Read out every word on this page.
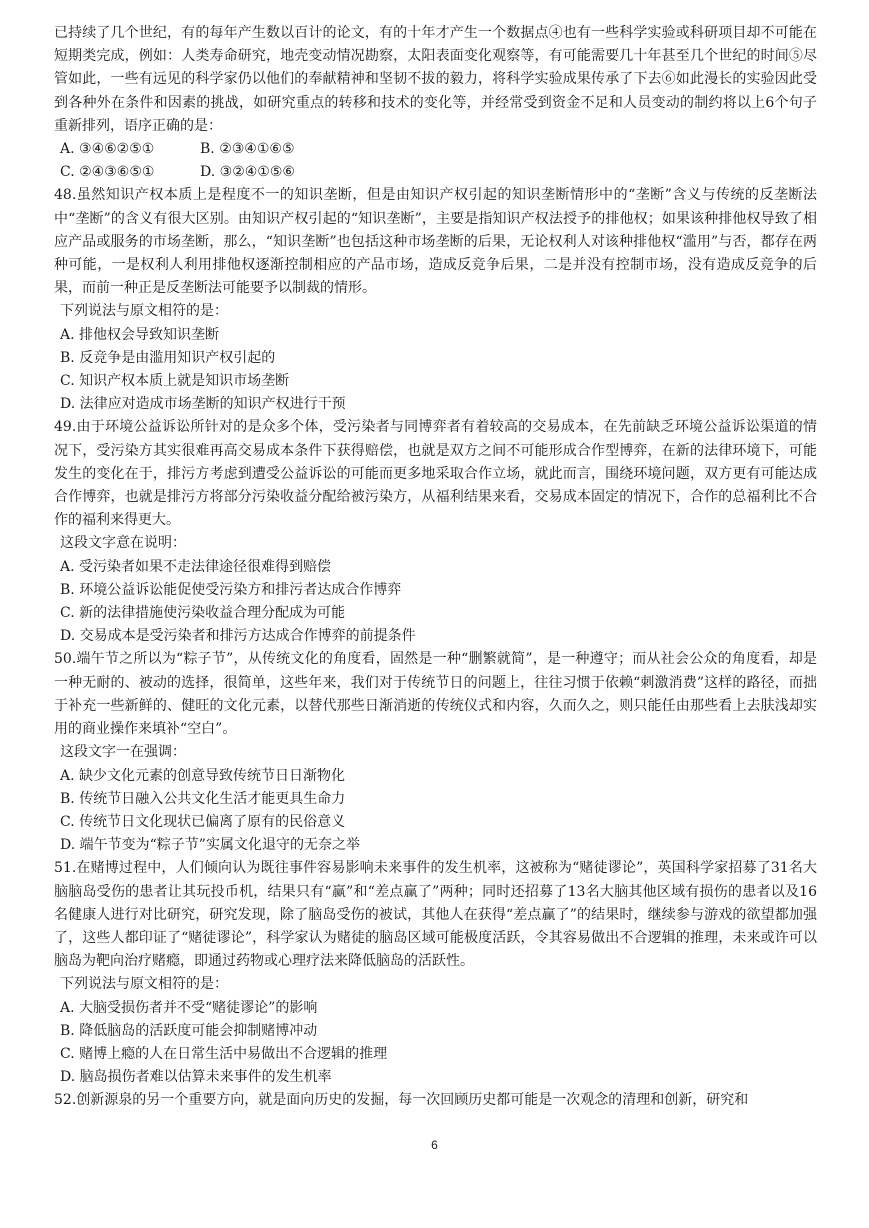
已持续了几个世纪，有的每年产生数以百计的论文，有的十年才产生一个数据点④也有一些科学实验或科研项目却不可能在短期类完成，例如：人类寿命研究，地壳变动情况勘察，太阳表面变化观察等，有可能需要几十年甚至几个世纪的时间⑤尽管如此，一些有远见的科学家仍以他们的奉献精神和坚韧不拔的毅力，将科学实验成果传承了下去⑥如此漫长的实验因此受到各种外在条件和因素的挑战，如研究重点的转移和技术的变化等，并经常受到资金不足和人员变动的制约将以上6个句子重新排列，语序正确的是：

A. ③④⑥②⑤①	B. ②③④①⑥⑤
C. ②④③⑥⑤①	D. ③②④①⑤⑥

48.虽然知识产权本质上是程度不一的知识垄断，但是由知识产权引起的知识垄断情形中的“垄断”含义与传统的反垄断法中“垄断”的含义有很大区别。由知识产权引起的“知识垄断”，主要是指知识产权法授予的排他权；如果该种排他权导致了相应产品或服务的市场垄断，那么，“知识垄断”也包括这种市场垄断的后果，无论权利人对该种排他权“滥用”与否，都存在两种可能，一是权利人利用排他权逐渐控制相应的产品市场，造成反竞争后果，二是并没有控制市场，没有造成反竞争的后果，而前一种正是反垄断法可能要予以制裁的情形。

下列说法与原文相符的是：
A. 排他权会导致知识垄断
B. 反竞争是由滥用知识产权引起的
C. 知识产权本质上就是知识市场垄断
D. 法律应对造成市场垄断的知识产权进行干预

49.由于环境公益诉讼所针对的是众多个体，受污染者与同博弈者有着较高的交易成本，在先前缺乏环境公益诉讼渠道的情况下，受污染方其实很难再高交易成本条件下获得赔偿，也就是双方之间不可能形成合作型博弈，在新的法律环境下，可能发生的变化在于，排污方考虑到遭受公益诉讼的可能而更多地采取合作立场，就此而言，围绕环境问题，双方更有可能达成合作博弈，也就是排污方将部分污染收益分配给被污染方，从福利结果来看，交易成本固定的情况下，合作的总福利比不合作的福利来得更大。

这段文字意在说明：
A. 受污染者如果不走法律途径很难得到赔偿
B. 环境公益诉讼能促使受污染方和排污者达成合作博弈
C. 新的法律措施使污染收益合理分配成为可能
D. 交易成本是受污染者和排污方达成合作博弈的前提条件

50.端午节之所以为“粽子节”，从传统文化的角度看，固然是一种“删繁就简”，是一种遵守；而从社会公众的角度看，却是一种无耐的、被动的选择，很简单，这些年来，我们对于传统节日的问题上，往往习惯于依赖“刺激消费”这样的路径，而拙于补充一些新鲜的、健旺的文化元素，以替代那些日渐消逝的传统仪式和内容，久而久之，则只能任由那些看上去肤浅却实用的商业操作来填补“空白”。

这段文字一在强调：
A. 缺少文化元素的创意导致传统节日日渐物化
B. 传统节日融入公共文化生活才能更具生命力
C. 传统节日文化现状已偏离了原有的民俗意义
D. 端午节变为“粽子节”实属文化退守的无奈之举

51.在赌博过程中，人们倾向认为既往事件容易影响未来事件的发生机率，这被称为“赌徒谬论”，英国科学家招募了31名大脑脑岛受伤的患者让其玩投币机，结果只有“赢”和“差点赢了”两种；同时还招募了13名大脑其他区域有损伤的患者以及16名健康人进行对比研究，研究发现，除了脑岛受伤的被试，其他人在获得“差点赢了”的结果时，继续参与游戏的欲望都加强了，这些人都印证了“赌徒谬论”，科学家认为赌徒的脑岛区域可能极度活跃，令其容易做出不合逻辑的推理，未来或许可以脑岛为靶向治疗赌瘾，即通过药物或心理疗法来降低脑岛的活跃性。

下列说法与原文相符的是：
A. 大脑受损伤者并不受“赌徒谬论”的影响
B. 降低脑岛的活跃度可能会抑制赌博冲动
C. 赌博上瘾的人在日常生活中易做出不合逻辑的推理
D. 脑岛损伤者难以估算未来事件的发生机率

52.创新源泉的另一个重要方向，就是面向历史的发掘，每一次回顾历史都可能是一次观念的清理和创新，研究和

6
